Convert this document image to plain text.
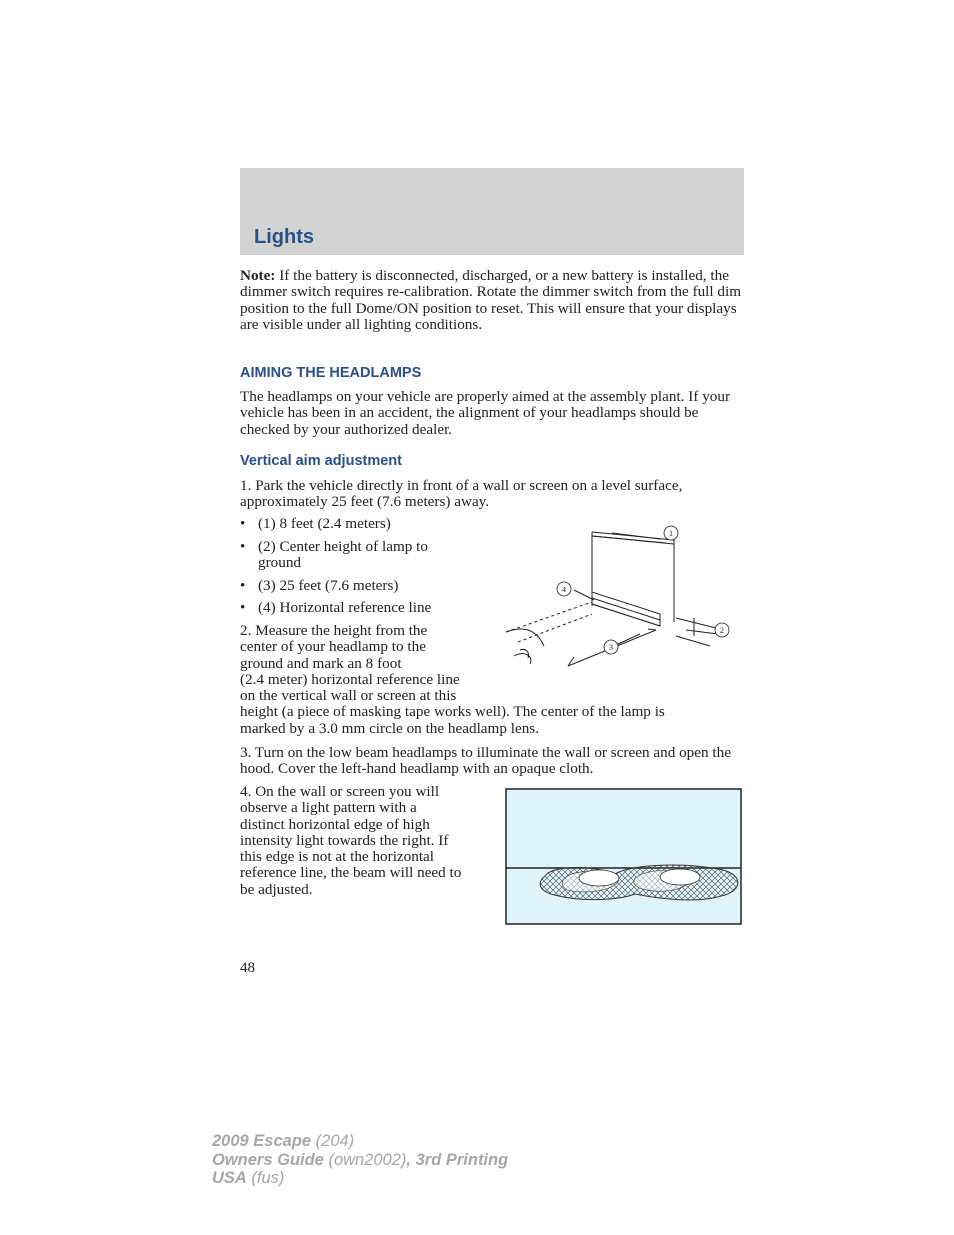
Lights

Note: If the battery is disconnected, discharged, or a new battery is installed, the dimmer switch requires re-calibration. Rotate the dimmer switch from the full dim position to the full Dome/ON position to reset. This will ensure that your displays are visible under all lighting conditions.

AIMING THE HEADLAMPS

The headlamps on your vehicle are properly aimed at the assembly plant. If your vehicle has been in an accident, the alignment of your headlamps should be checked by your authorized dealer.

Vertical aim adjustment

1. Park the vehicle directly in front of a wall or screen on a level surface, approximately 25 feet (7.6 meters) away.

• (1) 8 feet (2.4 meters)
• (2) Center height of lamp to ground
• (3) 25 feet (7.6 meters)
• (4) Horizontal reference line
2. Measure the height from the
center of your headlamp to the
ground and mark an 8 foot
(2.4 meter) horizontal reference line
on the vertical wall or screen at this
height (a piece of masking tape works well). The center of the lamp is
marked by a 3.0 mm circle on the headlamp lens.

3. Turn on the low beam headlamps to illuminate the wall or screen and open the hood. Cover the left-hand headlamp with an opaque cloth.

4. On the wall or screen you will
observe a light pattern with a
distinct horizontal edge of high
intensity light towards the right. If
this edge is not at the horizontal
reference line, the beam will need to
be adjusted.
1
2
3
4
48
2009 Escape (204)
Owners Guide (own2002), 3rd Printing
USA (fus)
